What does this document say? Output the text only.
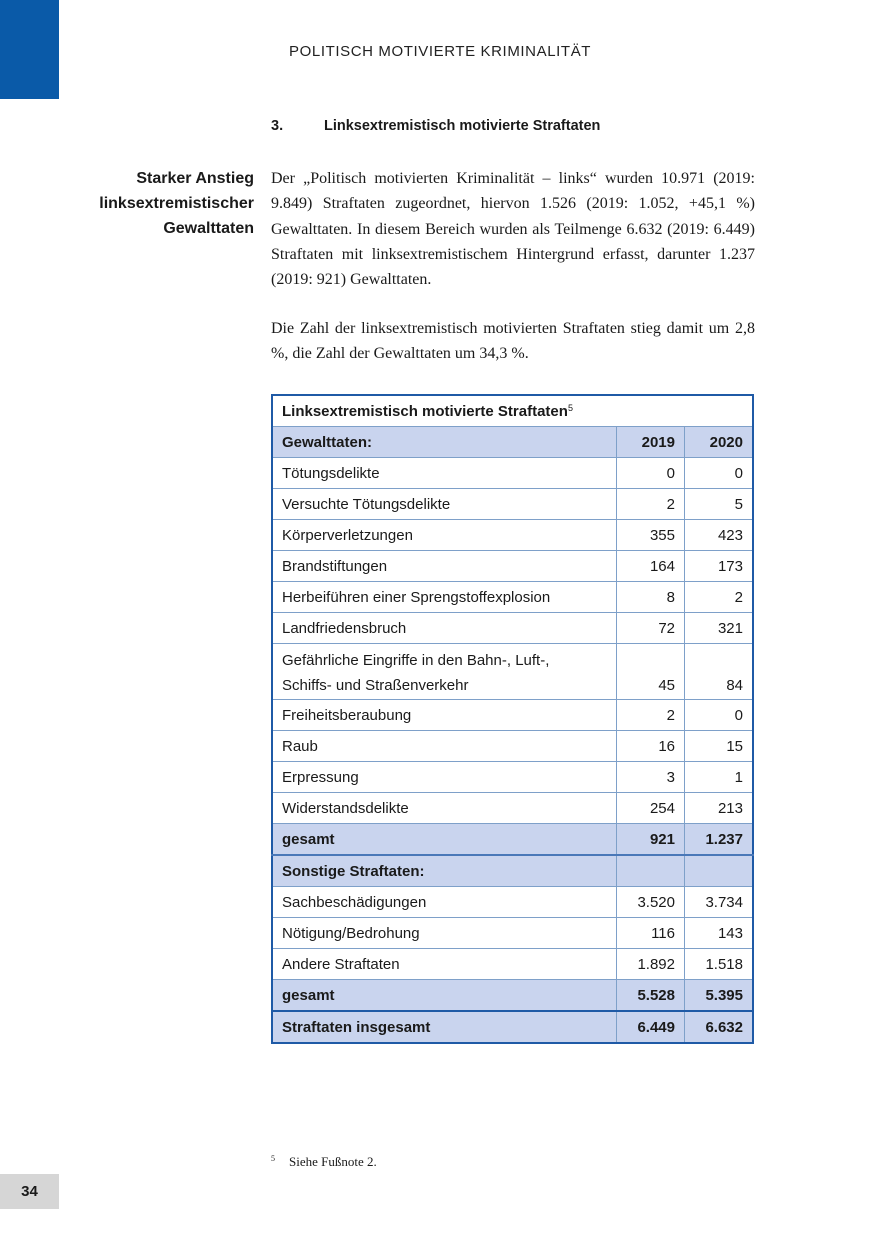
POLITISCH MOTIVIERTE KRIMINALITÄT
3.	Linksextremistisch motivierte Straftaten
Starker Anstieg
linksextremistischer
Gewalttaten

Der „Politisch motivierten Kriminalität – links“ wurden 10.971 (2019: 9.849) Straftaten zugeordnet, hiervon 1.526 (2019: 1.052, +45,1 %) Gewalttaten. In diesem Bereich wurden als Teilmenge 6.632 (2019: 6.449) Straftaten mit linksextremistischem Hintergrund erfasst, darunter 1.237 (2019: 921) Gewalttaten.

Die Zahl der linksextremistisch motivierten Straftaten stieg damit um 2,8 %, die Zahl der Gewalttaten um 34,3 %.

Linksextremistisch motivierte Straftaten$^5$
Gewalttaten:	2019	2020
Tötungsdelikte	0	0
Versuchte Tötungsdelikte	2	5
Körperverletzungen	355	423
Brandstiftungen	164	173
Herbeiführen einer Sprengstoffexplosion	8	2
Landfriedensbruch	72	321

Gefährliche Eingriffe in den Bahn-, Luft-,
Schiffs- und Straßenverkehr	45	84
Freiheitsberaubung	2	0
Raub	16	15
Erpressung	3	1
Widerstandsdelikte	254	213
gesamt	921	1.237
Sonstige Straftaten:		
Sachbeschädigungen	3.520	3.734
Nötigung/Bedrohung	116	143
Andere Straftaten	1.892	1.518
gesamt	5.528	5.395
Straftaten insgesamt	6.449	6.632
5 Siehe Fußnote 2.
34
